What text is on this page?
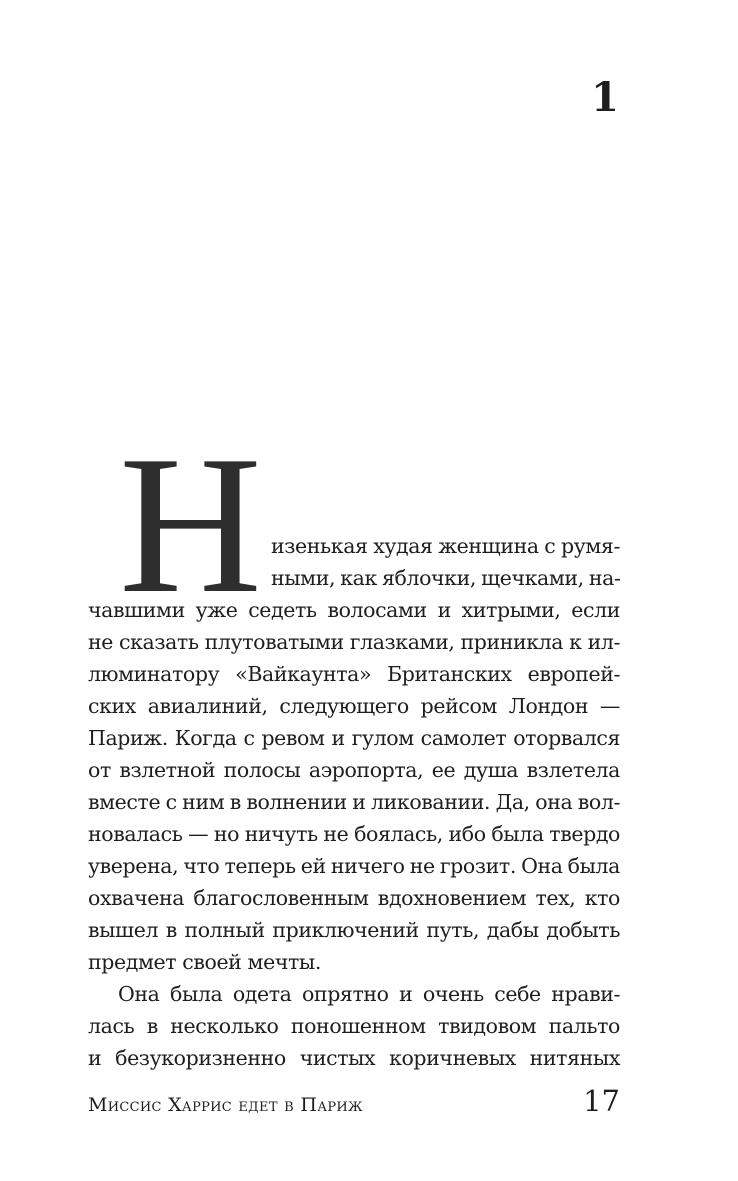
1
Н изенькая худая женщина с румя-
ными, как яблочки, щечками, на-
чавшими уже седеть волосами и хитрыми, если
не сказать плутоватыми глазками, приникла к ил-
люминатору «Вайкаунта» Британских европей-
ских авиалиний, следующего рейсом Лондон —
Париж. Когда с ревом и гулом самолет оторвался
от взлетной полосы аэропорта, ее душа взлетела
вместе с ним в волнении и ликовании. Да, она вол-
новалась — но ничуть не боялась, ибо была твердо
уверена, что теперь ей ничего не грозит. Она была
охвачена благословенным вдохновением тех, кто
вышел в полный приключений путь, дабы добыть
предмет своей мечты.
Она была одета опрятно и очень себе нрави-
лась в несколько поношенном твидовом пальто
и безукоризненно чистых коричневых нитяных
Миссис Харрис едет в Париж	17
